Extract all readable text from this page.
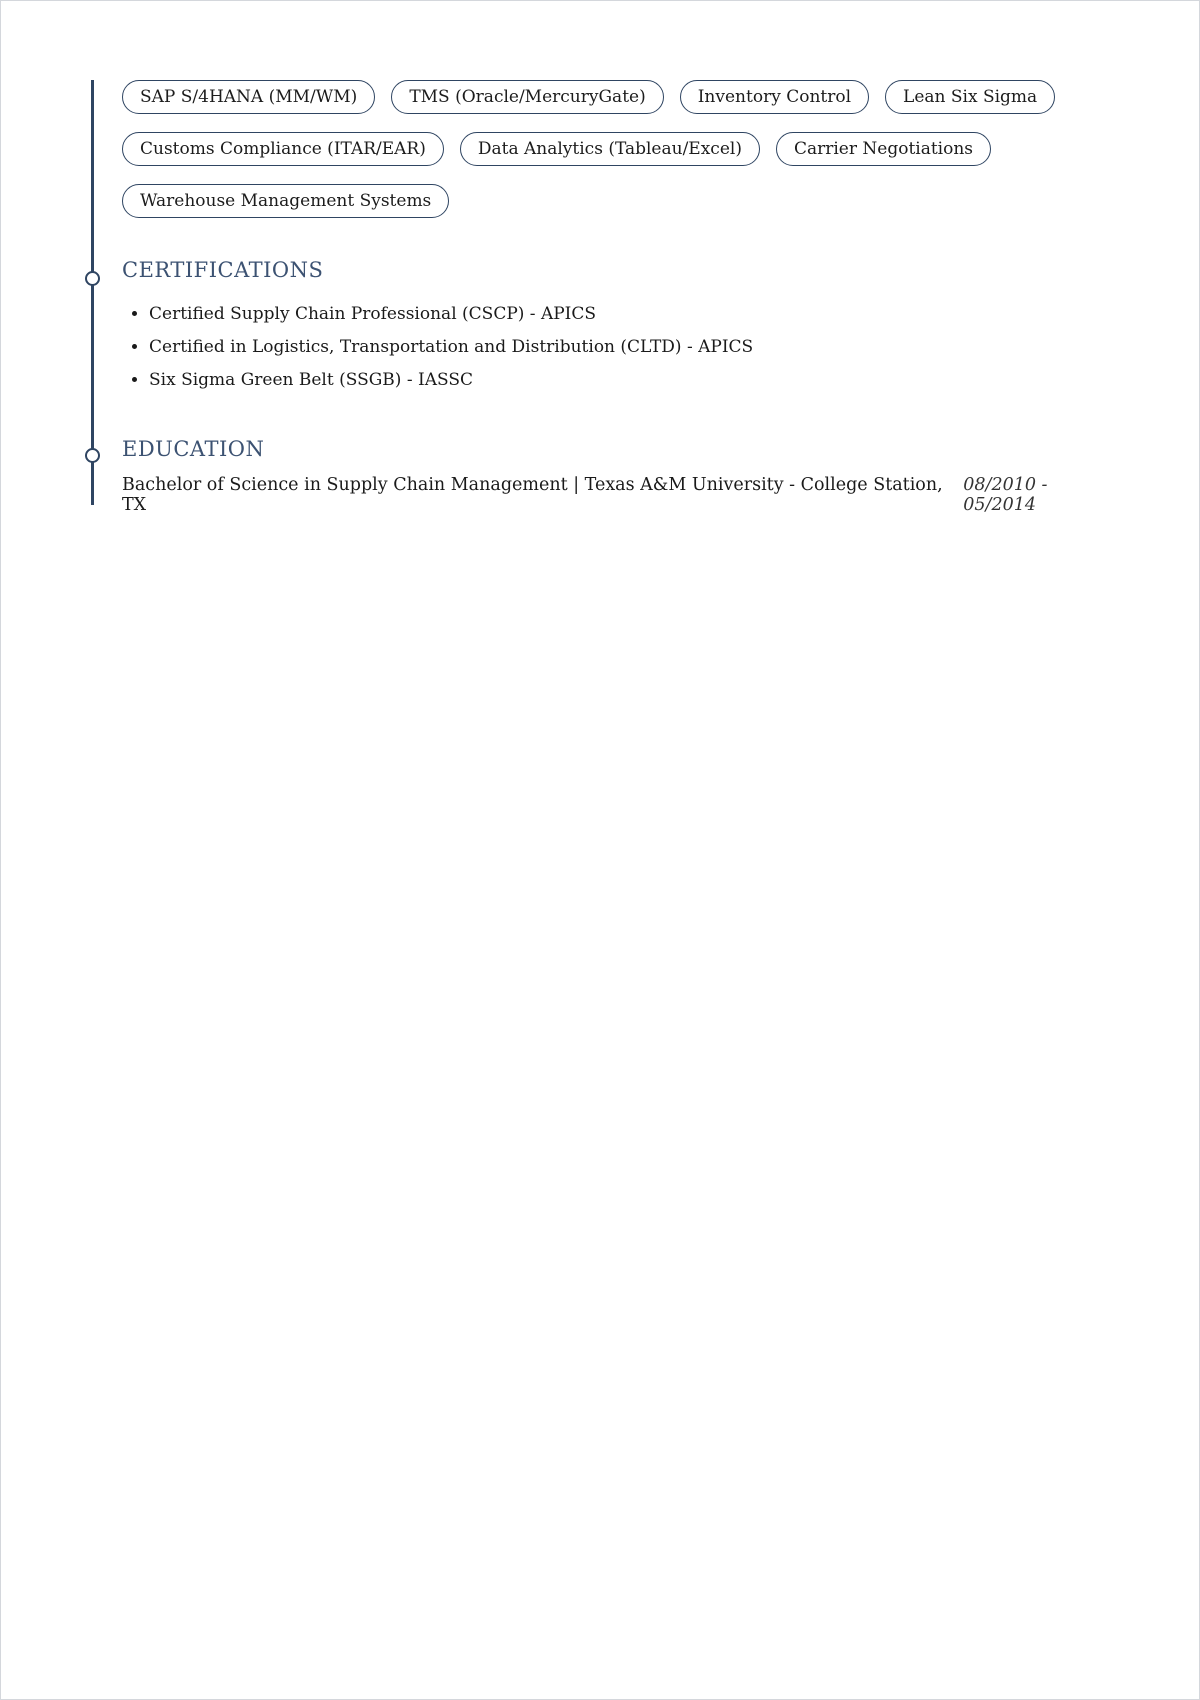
SAP S/4HANA (MM/WM)	TMS (Oracle/MercuryGate)	Inventory Control	Lean Six Sigma
Customs Compliance (ITAR/EAR)	Data Analytics (Tableau/Excel)	Carrier Negotiations
Warehouse Management Systems
CERTIFICATIONS
• Certified Supply Chain Professional (CSCP) - APICS
• Certified in Logistics, Transportation and Distribution (CLTD) - APICS
• Six Sigma Green Belt (SSGB) - IASSC
EDUCATION
Bachelor of Science in Supply Chain Management | Texas A&M University - College Station, TX
08/2010 - 05/2014
